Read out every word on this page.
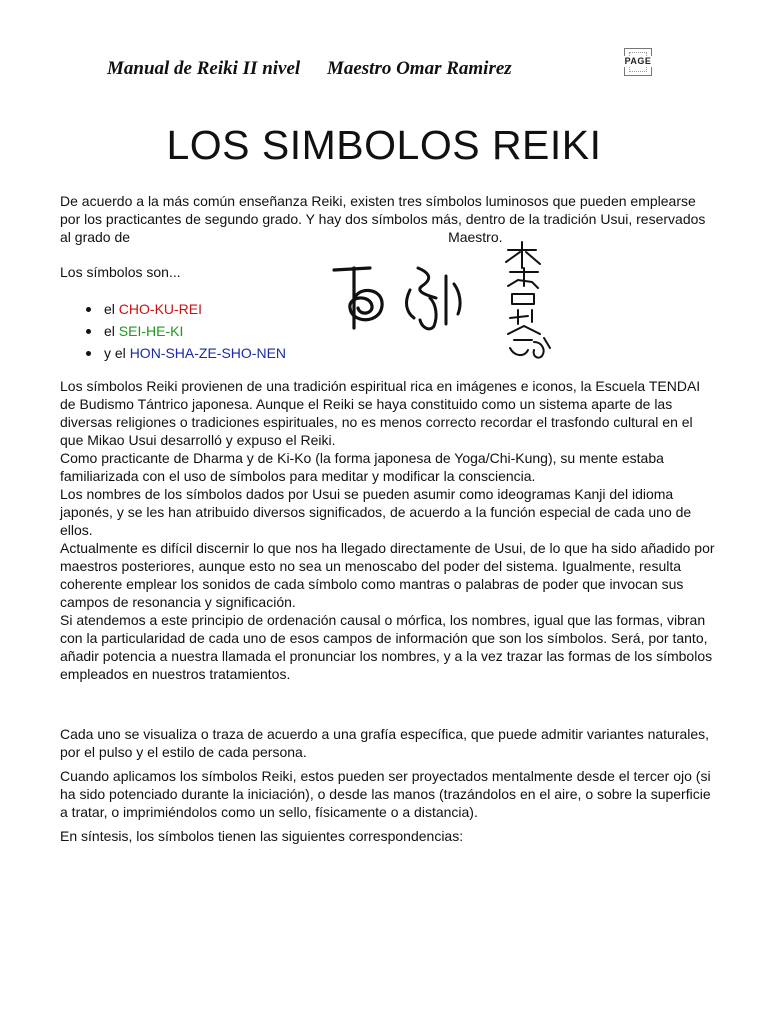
Manual de Reiki II nivel Maestro Omar Ramirez	PAGE
LOS SIMBOLOS REIKI

De acuerdo a la más común enseñanza Reiki, existen tres símbolos luminosos que pueden emplearse por los practicantes de segundo grado. Y hay dos símbolos más, dentro de la tradición Usui, reservados al grado de	Maestro.

Los símbolos son...

el CHO-KU-REI
el SEI-HE-KI
y el HON-SHA-ZE-SHO-NEN

Los símbolos Reiki provienen de una tradición espiritual rica en imágenes e iconos, la Escuela TENDAI de Budismo Tántrico japonesa. Aunque el Reiki se haya constituido como un sistema aparte de las diversas religiones o tradiciones espirituales, no es menos correcto recordar el trasfondo cultural en el que Mikao Usui desarrolló y expuso el Reiki.

Como practicante de Dharma y de Ki-Ko (la forma japonesa de Yoga/Chi-Kung), su mente estaba familiarizada con el uso de símbolos para meditar y modificar la consciencia.

Los nombres de los símbolos dados por Usui se pueden asumir como ideogramas Kanji del idioma japonés, y se les han atribuido diversos significados, de acuerdo a la función especial de cada uno de ellos.

Actualmente es difícil discernir lo que nos ha llegado directamente de Usui, de lo que ha sido añadido por maestros posteriores, aunque esto no sea un menoscabo del poder del sistema. Igualmente, resulta coherente emplear los sonidos de cada símbolo como mantras o palabras de poder que invocan sus campos de resonancia y significación.

Si atendemos a este principio de ordenación causal o mórfica, los nombres, igual que las formas, vibran con la particularidad de cada uno de esos campos de información que son los símbolos. Será, por tanto, añadir potencia a nuestra llamada el pronunciar los nombres, y a la vez trazar las formas de los símbolos empleados en nuestros tratamientos.

Cada uno se visualiza o traza de acuerdo a una grafía específica, que puede admitir variantes naturales, por el pulso y el estilo de cada persona.

Cuando aplicamos los símbolos Reiki, estos pueden ser proyectados mentalmente desde el tercer ojo (si ha sido potenciado durante la iniciación), o desde las manos (trazándolos en el aire, o sobre la superficie a tratar, o imprimiéndolos como un sello, físicamente o a distancia).

En síntesis, los símbolos tienen las siguientes correspondencias:
